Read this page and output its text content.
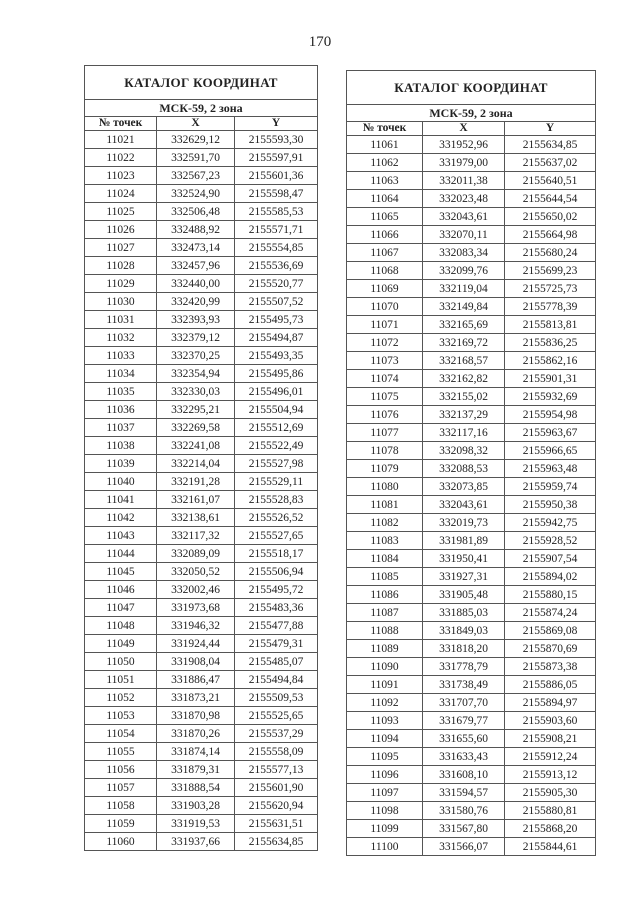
170
КАТАЛОГ КООРДИНАТ		
МСК-59, 2 зона		
№ точек	X	Y
11021	332629,12	2155593,30
11022	332591,70	2155597,91
11023	332567,23	2155601,36
11024	332524,90	2155598,47
11025	332506,48	2155585,53
11026	332488,92	2155571,71
11027	332473,14	2155554,85
11028	332457,96	2155536,69
11029	332440,00	2155520,77
11030	332420,99	2155507,52
11031	332393,93	2155495,73
11032	332379,12	2155494,87
11033	332370,25	2155493,35
11034	332354,94	2155495,86
11035	332330,03	2155496,01
11036	332295,21	2155504,94
11037	332269,58	2155512,69
11038	332241,08	2155522,49
11039	332214,04	2155527,98
11040	332191,28	2155529,11
11041	332161,07	2155528,83
11042	332138,61	2155526,52
11043	332117,32	2155527,65
11044	332089,09	2155518,17
11045	332050,52	2155506,94
11046	332002,46	2155495,72
11047	331973,68	2155483,36
11048	331946,32	2155477,88
11049	331924,44	2155479,31
11050	331908,04	2155485,07
11051	331886,47	2155494,84
11052	331873,21	2155509,53
11053	331870,98	2155525,65
11054	331870,26	2155537,29
11055	331874,14	2155558,09
11056	331879,31	2155577,13
11057	331888,54	2155601,90
11058	331903,28	2155620,94
11059	331919,53	2155631,51
11060	331937,66	2155634,85
КАТАЛОГ КООРДИНАТ		
МСК-59, 2 зона		
№ точек	X	Y
11061	331952,96	2155634,85
11062	331979,00	2155637,02
11063	332011,38	2155640,51
11064	332023,48	2155644,54
11065	332043,61	2155650,02
11066	332070,11	2155664,98
11067	332083,34	2155680,24
11068	332099,76	2155699,23
11069	332119,04	2155725,73
11070	332149,84	2155778,39
11071	332165,69	2155813,81
11072	332169,72	2155836,25
11073	332168,57	2155862,16
11074	332162,82	2155901,31
11075	332155,02	2155932,69
11076	332137,29	2155954,98
11077	332117,16	2155963,67
11078	332098,32	2155966,65
11079	332088,53	2155963,48
11080	332073,85	2155959,74
11081	332043,61	2155950,38
11082	332019,73	2155942,75
11083	331981,89	2155928,52
11084	331950,41	2155907,54
11085	331927,31	2155894,02
11086	331905,48	2155880,15
11087	331885,03	2155874,24
11088	331849,03	2155869,08
11089	331818,20	2155870,69
11090	331778,79	2155873,38
11091	331738,49	2155886,05
11092	331707,70	2155894,97
11093	331679,77	2155903,60
11094	331655,60	2155908,21
11095	331633,43	2155912,24
11096	331608,10	2155913,12
11097	331594,57	2155905,30
11098	331580,76	2155880,81
11099	331567,80	2155868,20
11100	331566,07	2155844,61
